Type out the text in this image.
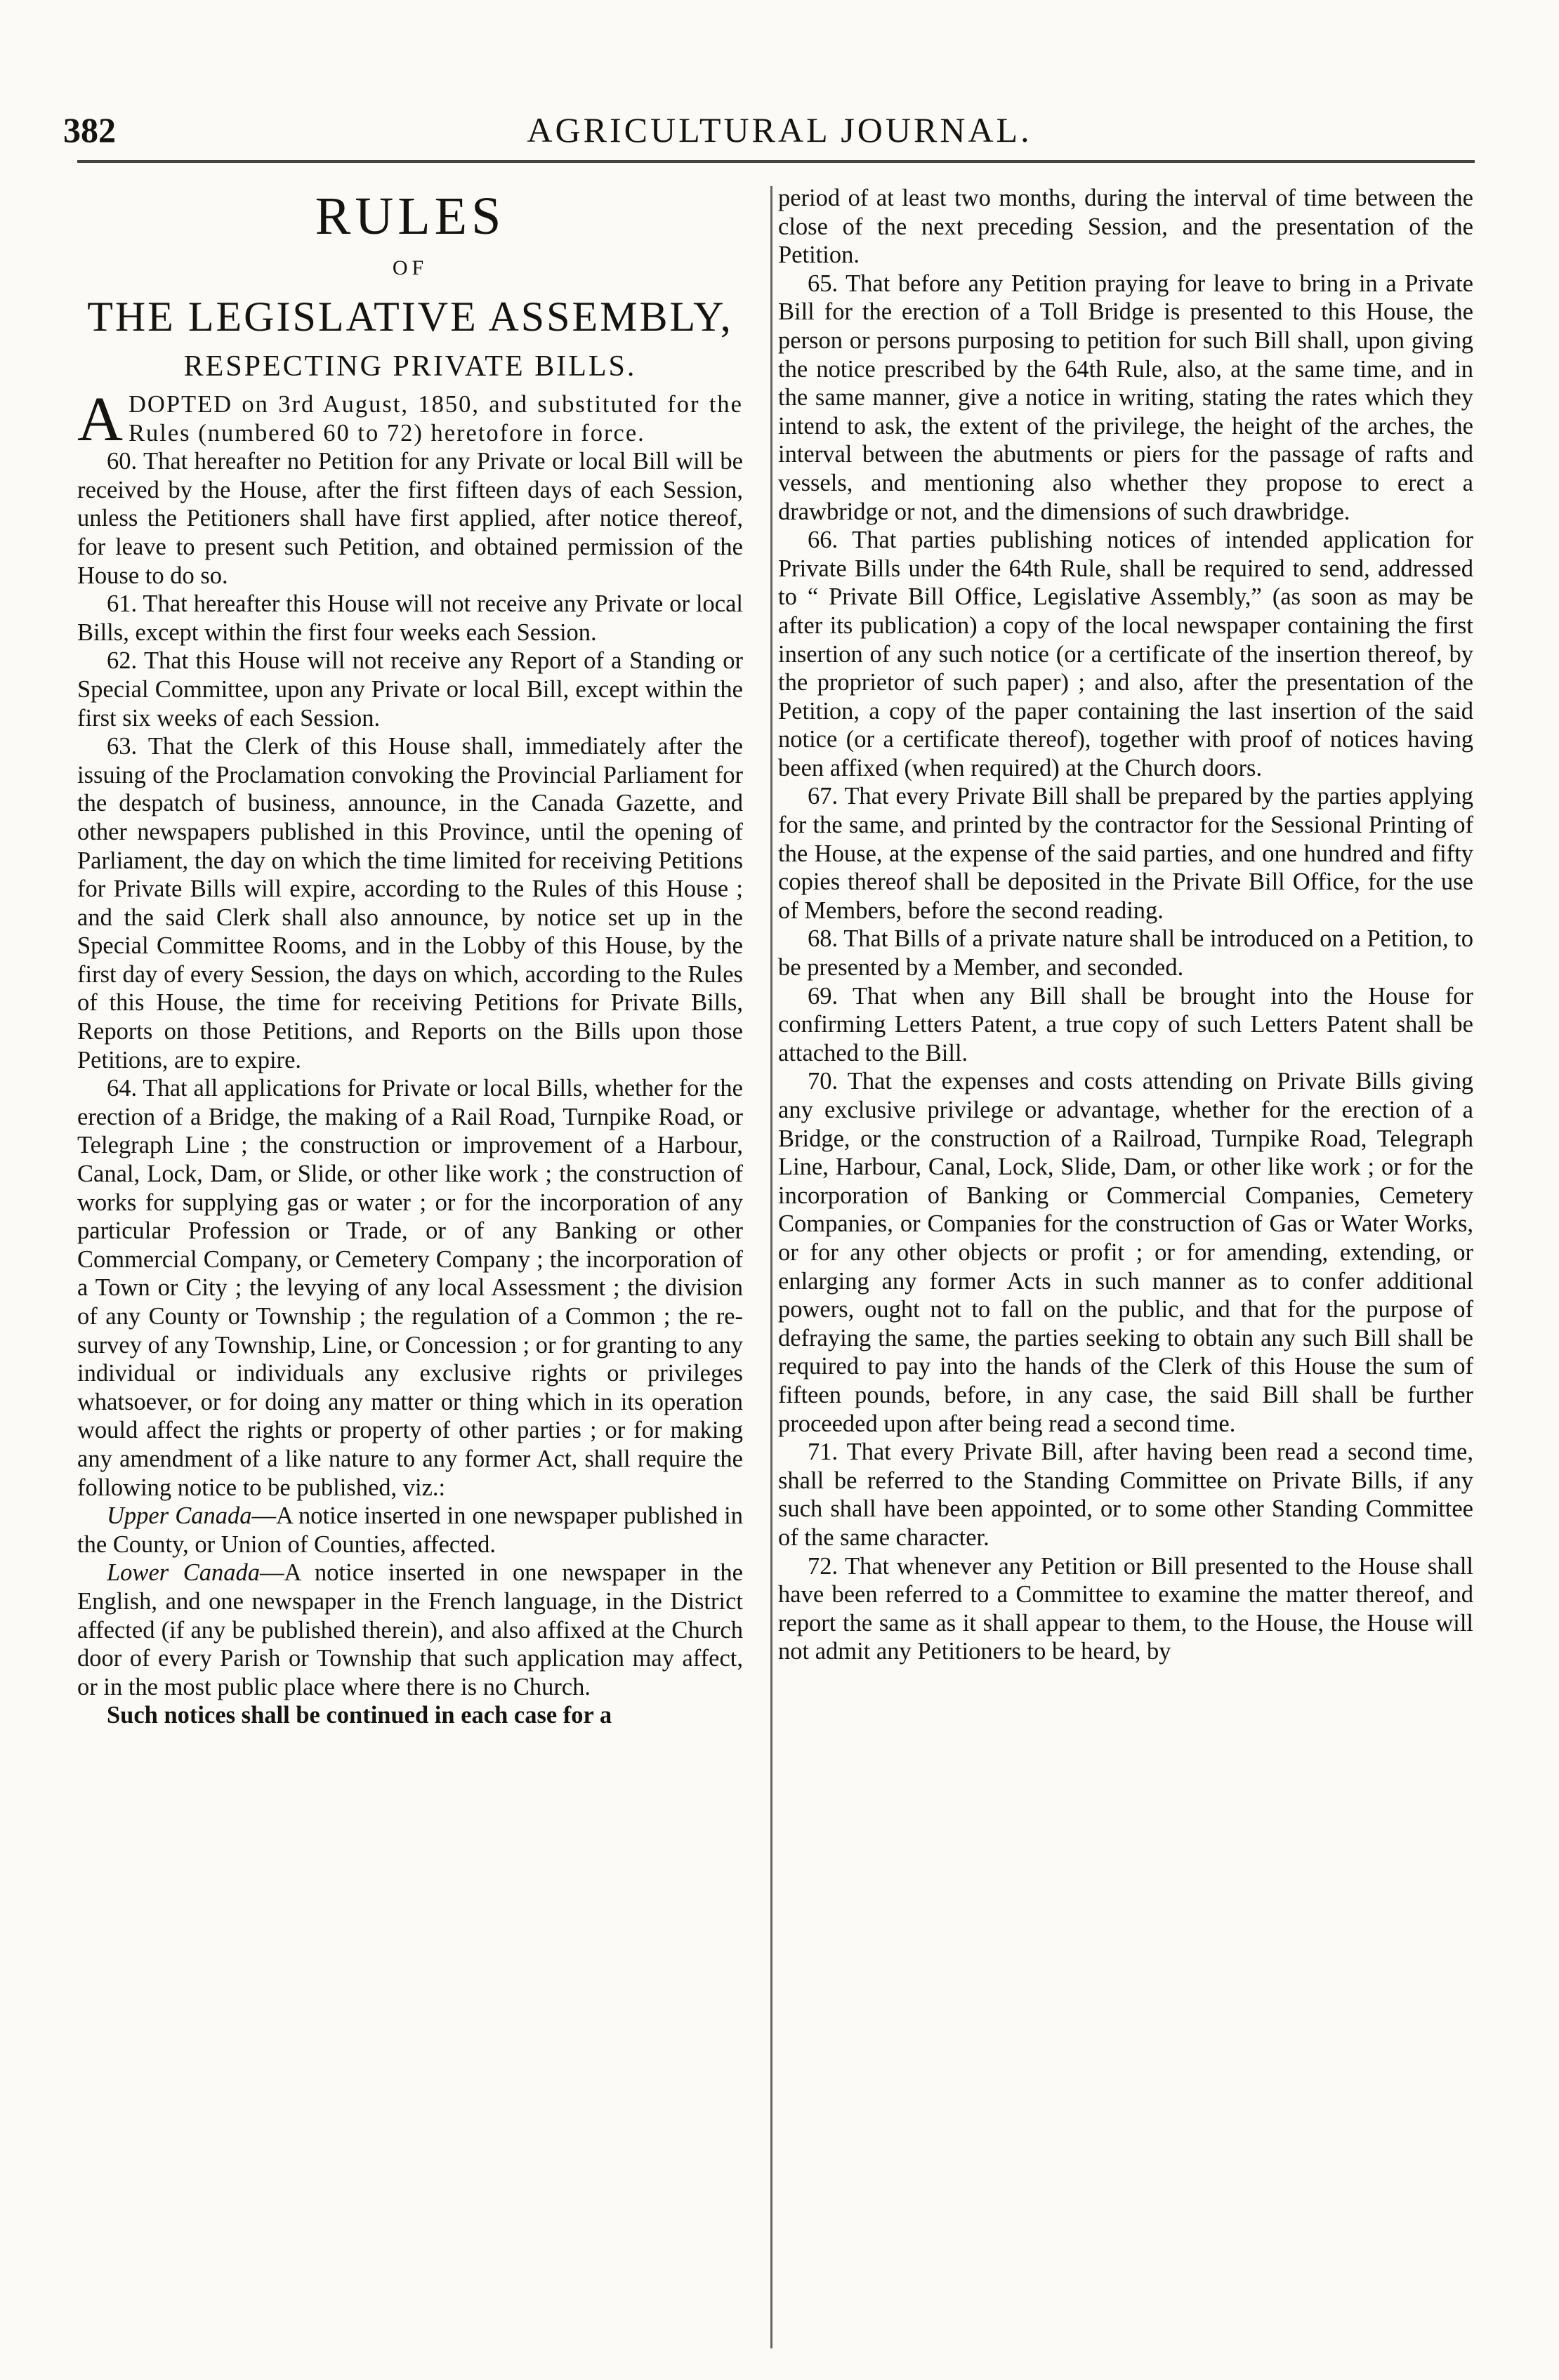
382	AGRICULTURAL JOURNAL.
RULES
OF
THE LEGISLATIVE ASSEMBLY,
RESPECTING PRIVATE BILLS.

ADOPTED on 3rd August, 1850, and substituted for the Rules (numbered 60 to 72) heretofore in force.

60. That hereafter no Petition for any Private or local Bill will be received by the House, after the first fifteen days of each Session, unless the Petitioners shall have first applied, after notice thereof, for leave to present such Petition, and obtained permission of the House to do so.

61. That hereafter this House will not receive any Private or local Bills, except within the first four weeks each Session.

62. That this House will not receive any Report of a Standing or Special Committee, upon any Private or local Bill, except within the first six weeks of each Session.

63. That the Clerk of this House shall, immediately after the issuing of the Proclamation convoking the Provincial Parliament for the despatch of business, announce, in the Canada Gazette, and other newspapers published in this Province, until the opening of Parliament, the day on which the time limited for receiving Petitions for Private Bills will expire, according to the Rules of this House ; and the said Clerk shall also announce, by notice set up in the Special Committee Rooms, and in the Lobby of this House, by the first day of every Session, the days on which, according to the Rules of this House, the time for receiving Petitions for Private Bills, Reports on those Petitions, and Reports on the Bills upon those Petitions, are to expire.

64. That all applications for Private or local Bills, whether for the erection of a Bridge, the making of a Rail Road, Turnpike Road, or Telegraph Line ; the construction or improvement of a Harbour, Canal, Lock, Dam, or Slide, or other like work ; the construction of works for supplying gas or water ; or for the incorporation of any particular Profession or Trade, or of any Banking or other Commercial Company, or Cemetery Company ; the incorporation of a Town or City ; the levying of any local Assessment ; the division of any County or Township ; the regulation of a Common ; the re-survey of any Township, Line, or Concession ; or for granting to any individual or individuals any exclusive rights or privileges whatsoever, or for doing any matter or thing which in its operation would affect the rights or property of other parties ; or for making any amendment of a like nature to any former Act, shall require the following notice to be published, viz.:

Upper Canada—A notice inserted in one newspaper published in the County, or Union of Counties, affected.

Lower Canada—A notice inserted in one newspaper in the English, and one newspaper in the French language, in the District affected (if any be published therein), and also affixed at the Church door of every Parish or Township that such application may affect, or in the most public place where there is no Church.

Such notices shall be continued in each case for a

period of at least two months, during the interval of time between the close of the next preceding Session, and the presentation of the Petition.

65. That before any Petition praying for leave to bring in a Private Bill for the erection of a Toll Bridge is presented to this House, the person or persons purposing to petition for such Bill shall, upon giving the notice prescribed by the 64th Rule, also, at the same time, and in the same manner, give a notice in writing, stating the rates which they intend to ask, the extent of the privilege, the height of the arches, the interval between the abutments or piers for the passage of rafts and vessels, and mentioning also whether they propose to erect a drawbridge or not, and the dimensions of such drawbridge.

66. That parties publishing notices of intended application for Private Bills under the 64th Rule, shall be required to send, addressed to “ Private Bill Office, Legislative Assembly,” (as soon as may be after its publication) a copy of the local newspaper containing the first insertion of any such notice (or a certificate of the insertion thereof, by the proprietor of such paper) ; and also, after the presentation of the Petition, a copy of the paper containing the last insertion of the said notice (or a certificate thereof), together with proof of notices having been affixed (when required) at the Church doors.

67. That every Private Bill shall be prepared by the parties applying for the same, and printed by the contractor for the Sessional Printing of the House, at the expense of the said parties, and one hundred and fifty copies thereof shall be deposited in the Private Bill Office, for the use of Members, before the second reading.

68. That Bills of a private nature shall be introduced on a Petition, to be presented by a Member, and seconded.

69. That when any Bill shall be brought into the House for confirming Letters Patent, a true copy of such Letters Patent shall be attached to the Bill.

70. That the expenses and costs attending on Private Bills giving any exclusive privilege or advantage, whether for the erection of a Bridge, or the construction of a Railroad, Turnpike Road, Telegraph Line, Harbour, Canal, Lock, Slide, Dam, or other like work ; or for the incorporation of Banking or Commercial Companies, Cemetery Companies, or Companies for the construction of Gas or Water Works, or for any other objects or profit ; or for amending, extending, or enlarging any former Acts in such manner as to confer additional powers, ought not to fall on the public, and that for the purpose of defraying the same, the parties seeking to obtain any such Bill shall be required to pay into the hands of the Clerk of this House the sum of fifteen pounds, before, in any case, the said Bill shall be further proceeded upon after being read a second time.

71. That every Private Bill, after having been read a second time, shall be referred to the Standing Committee on Private Bills, if any such shall have been appointed, or to some other Standing Committee of the same character.

72. That whenever any Petition or Bill presented to the House shall have been referred to a Committee to examine the matter thereof, and report the same as it shall appear to them, to the House, the House will not admit any Petitioners to be heard, by
